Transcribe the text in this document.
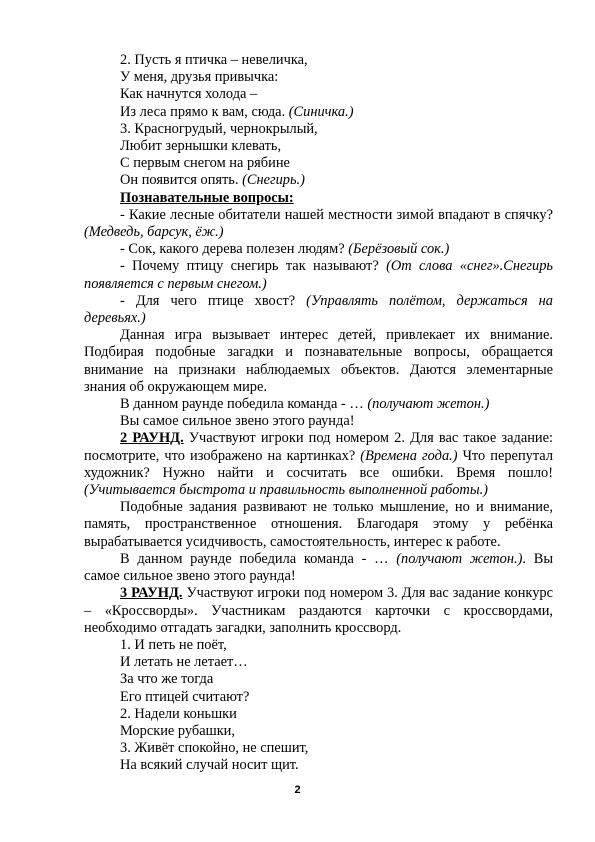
2. Пусть я птичка – невеличка,
У меня, друзья привычка:
Как начнутся холода –
Из леса прямо к вам, сюда. (Синичка.)
3. Красногрудый, чернокрылый,
Любит зернышки клевать,
С первым снегом на рябине
Он появится опять. (Снегирь.)
Познавательные вопросы:
- Какие лесные обитатели нашей местности зимой впадают в спячку? (Медведь, барсук, ёж.)
- Сок, какого дерева полезен людям? (Берёзовый сок.)
- Почему птицу снегирь так называют? (От слова «снег».Снегирь появляется с первым снегом.)
- Для чего птице хвост? (Управлять полётом, держаться на деревьях.)
Данная игра вызывает интерес детей, привлекает их внимание. Подбирая подобные загадки и познавательные вопросы, обращается внимание на признаки наблюдаемых объектов. Даются элементарные знания об окружающем мире.
В данном раунде победила команда - … (получают жетон.)
Вы самое сильное звено этого раунда!
2 РАУНД. Участвуют игроки под номером 2. Для вас такое задание: посмотрите, что изображено на картинках? (Времена года.) Что перепутал художник? Нужно найти и сосчитать все ошибки. Время пошло! (Учитывается быстрота и правильность выполненной работы.)
Подобные задания развивают не только мышление, но и внимание, память, пространственное отношения. Благодаря этому у ребёнка вырабатывается усидчивость, самостоятельность, интерес к работе.
В данном раунде победила команда - … (получают жетон.). Вы самое сильное звено этого раунда!
3 РАУНД. Участвуют игроки под номером 3. Для вас задание конкурс – «Кроссворды». Участникам раздаются карточки с кроссвордами, необходимо отгадать загадки, заполнить кроссворд.
1. И петь не поёт,
И летать не летает…
За что же тогда
Его птицей считают?
2. Надели коньшки
Морские рубашки,
3. Живёт спокойно, не спешит,
На всякий случай носит щит.
2
